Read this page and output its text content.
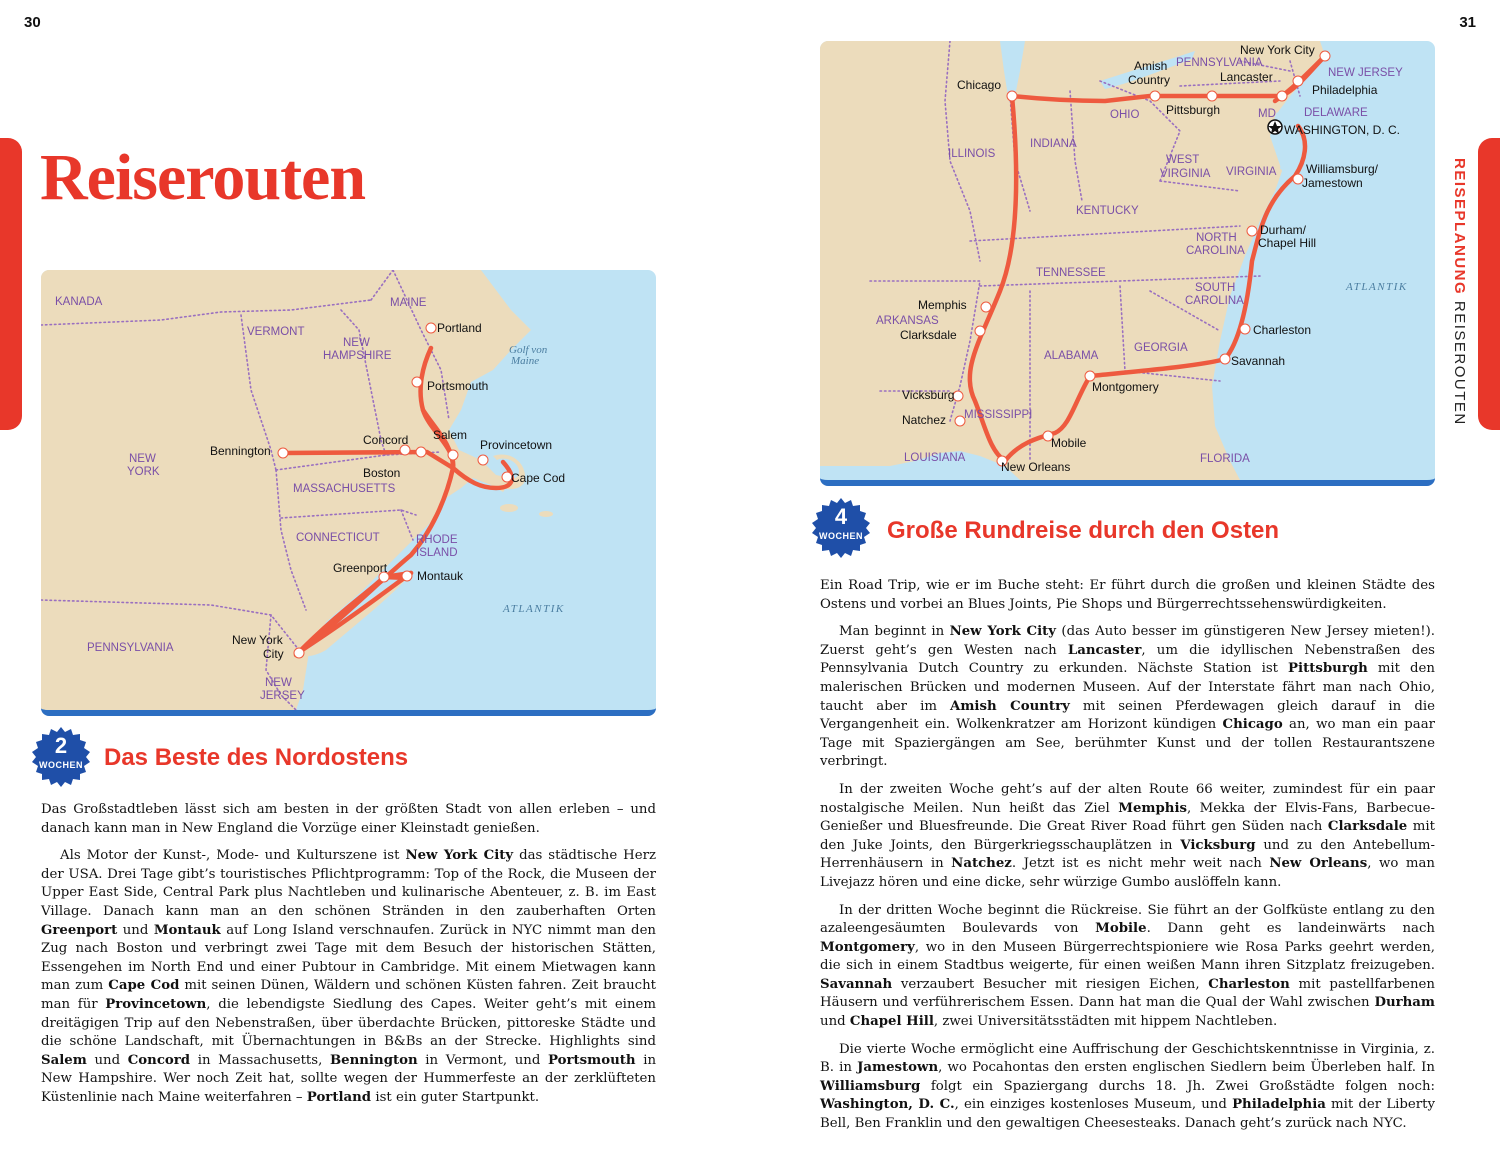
30	31
REISEPLANUNG REISEROUTEN
Reiserouten
KANADA
VERMONT
MAINE
NEW
HAMPSHIRE
NEW
YORK
MASSACHUSETTS
CONNECTICUT	RHODE
ISLAND
PENNSYLVANIA
NEW
JERSEY
Golf von
Maine
ATLANTIK
Portland
Portsmouth
Salem
Concord
Bennington	Provincetown
Boston	Cape Cod
Greenport
Montauk
New York
City
PENNSYLVANIA
NEW JERSEY
DELAWARE
MD
OHIO
ILLINOIS
INDIANA
WEST
VIRGINIA VIRGINIA
KENTUCKY
NORTH
CAROLINA
TENNESSEE
SOUTH
CAROLINA
ARKANSAS
ALABAMA
GEORGIA
MISSISSIPPI
LOUISIANA	FLORIDA
ATLANTIK
New York City
Amish
Country	Lancaster
Philadelphia
Chicago
Pittsburgh
WASHINGTON, D. C.
Williamsburg/
Jamestown
Durham/
Chapel Hill
Memphis
Clarksdale	Charleston
Savannah
Montgomery
Vicksburg
Natchez
Mobile
New Orleans
2
WOCHEN Das Beste des Nordostens

Das Großstadtleben lässt sich am besten in der größten Stadt von allen erleben – und danach kann man in New England die Vorzüge einer Kleinstadt genießen.

Als Motor der Kunst-, Mode- und Kulturszene ist New York City das städtische Herz der USA. Drei Tage gibt’s touristisches Pflichtprogramm: Top of the Rock, die Museen der Upper East Side, Central Park plus Nachtleben und kulinarische Abenteuer, z. B. im East Village. Danach kann man an den schönen Stränden in den zauberhaften Orten Greenport und Montauk auf Long Island verschnaufen. Zurück in NYC nimmt man den Zug nach Boston und verbringt zwei Tage mit dem Besuch der historischen Stätten, Essengehen im North End und einer Pubtour in Cambridge. Mit einem Mietwagen kann man zum Cape Cod mit seinen Dünen, Wäldern und schönen Küsten fahren. Zeit braucht man für Provincetown, die lebendigste Siedlung des Capes. Weiter geht’s mit einem dreitägigen Trip auf den Nebenstraßen, über überdachte Brücken, pittoreske Städte und die schöne Landschaft, mit Übernachtungen in B&Bs an der Strecke. Highlights sind Salem und Concord in Massachusetts, Bennington in Vermont, und Portsmouth in New Hampshire. Wer noch Zeit hat, sollte wegen der Hummerfeste an der zerklüfteten Küstenlinie nach Maine weiterfahren – Portland ist ein guter Startpunkt.

4
WOCHEN	Große Rundreise durch den Osten

Ein Road Trip, wie er im Buche steht: Er führt durch die großen und kleinen Städte des Ostens und vorbei an Blues Joints, Pie Shops und Bürgerrechtssehenswürdigkeiten.

Man beginnt in New York City (das Auto besser im günstigeren New Jersey mieten!). Zuerst geht’s gen Westen nach Lancaster, um die idyllischen Nebenstraßen des Pennsylvania Dutch Country zu erkunden. Nächste Station ist Pittsburgh mit den malerischen Brücken und modernen Museen. Auf der Interstate fährt man nach Ohio, taucht aber im Amish Country mit seinen Pferdewagen gleich darauf in die Vergangenheit ein. Wolkenkratzer am Horizont kündigen Chicago an, wo man ein paar Tage mit Spaziergängen am See, berühmter Kunst und der tollen Restaurantszene verbringt.

In der zweiten Woche geht’s auf der alten Route 66 weiter, zumindest für ein paar nostalgische Meilen. Nun heißt das Ziel Memphis, Mekka der Elvis-Fans, Barbecue-Genießer und Bluesfreunde. Die Great River Road führt gen Süden nach Clarksdale mit den Juke Joints, den Bürgerkriegsschauplätzen in Vicksburg und zu den Antebellum-Herrenhäusern in Natchez. Jetzt ist es nicht mehr weit nach New Orleans, wo man Livejazz hören und eine dicke, sehr würzige Gumbo auslöffeln kann.

In der dritten Woche beginnt die Rückreise. Sie führt an der Golfküste entlang zu den azaleengesäumten Boulevards von Mobile. Dann geht es landeinwärts nach Montgomery, wo in den Museen Bürgerrechtspioniere wie Rosa Parks geehrt werden, die sich in einem Stadtbus weigerte, für einen weißen Mann ihren Sitzplatz freizugeben. Savannah verzaubert Besucher mit riesigen Eichen, Charleston mit pastellfarbenen Häusern und verführerischem Essen. Dann hat man die Qual der Wahl zwischen Durham und Chapel Hill, zwei Universitätsstädten mit hippem Nachtleben.

Die vierte Woche ermöglicht eine Auffrischung der Geschichtskenntnisse in Virginia, z. B. in Jamestown, wo Pocahontas den ersten englischen Siedlern beim Überleben half. In Williamsburg folgt ein Spaziergang durchs 18. Jh. Zwei Großstädte folgen noch: Washington, D. C., ein einziges kostenloses Museum, und Philadelphia mit der Liberty Bell, Ben Franklin und den gewaltigen Cheesesteaks. Danach geht’s zurück nach NYC.
